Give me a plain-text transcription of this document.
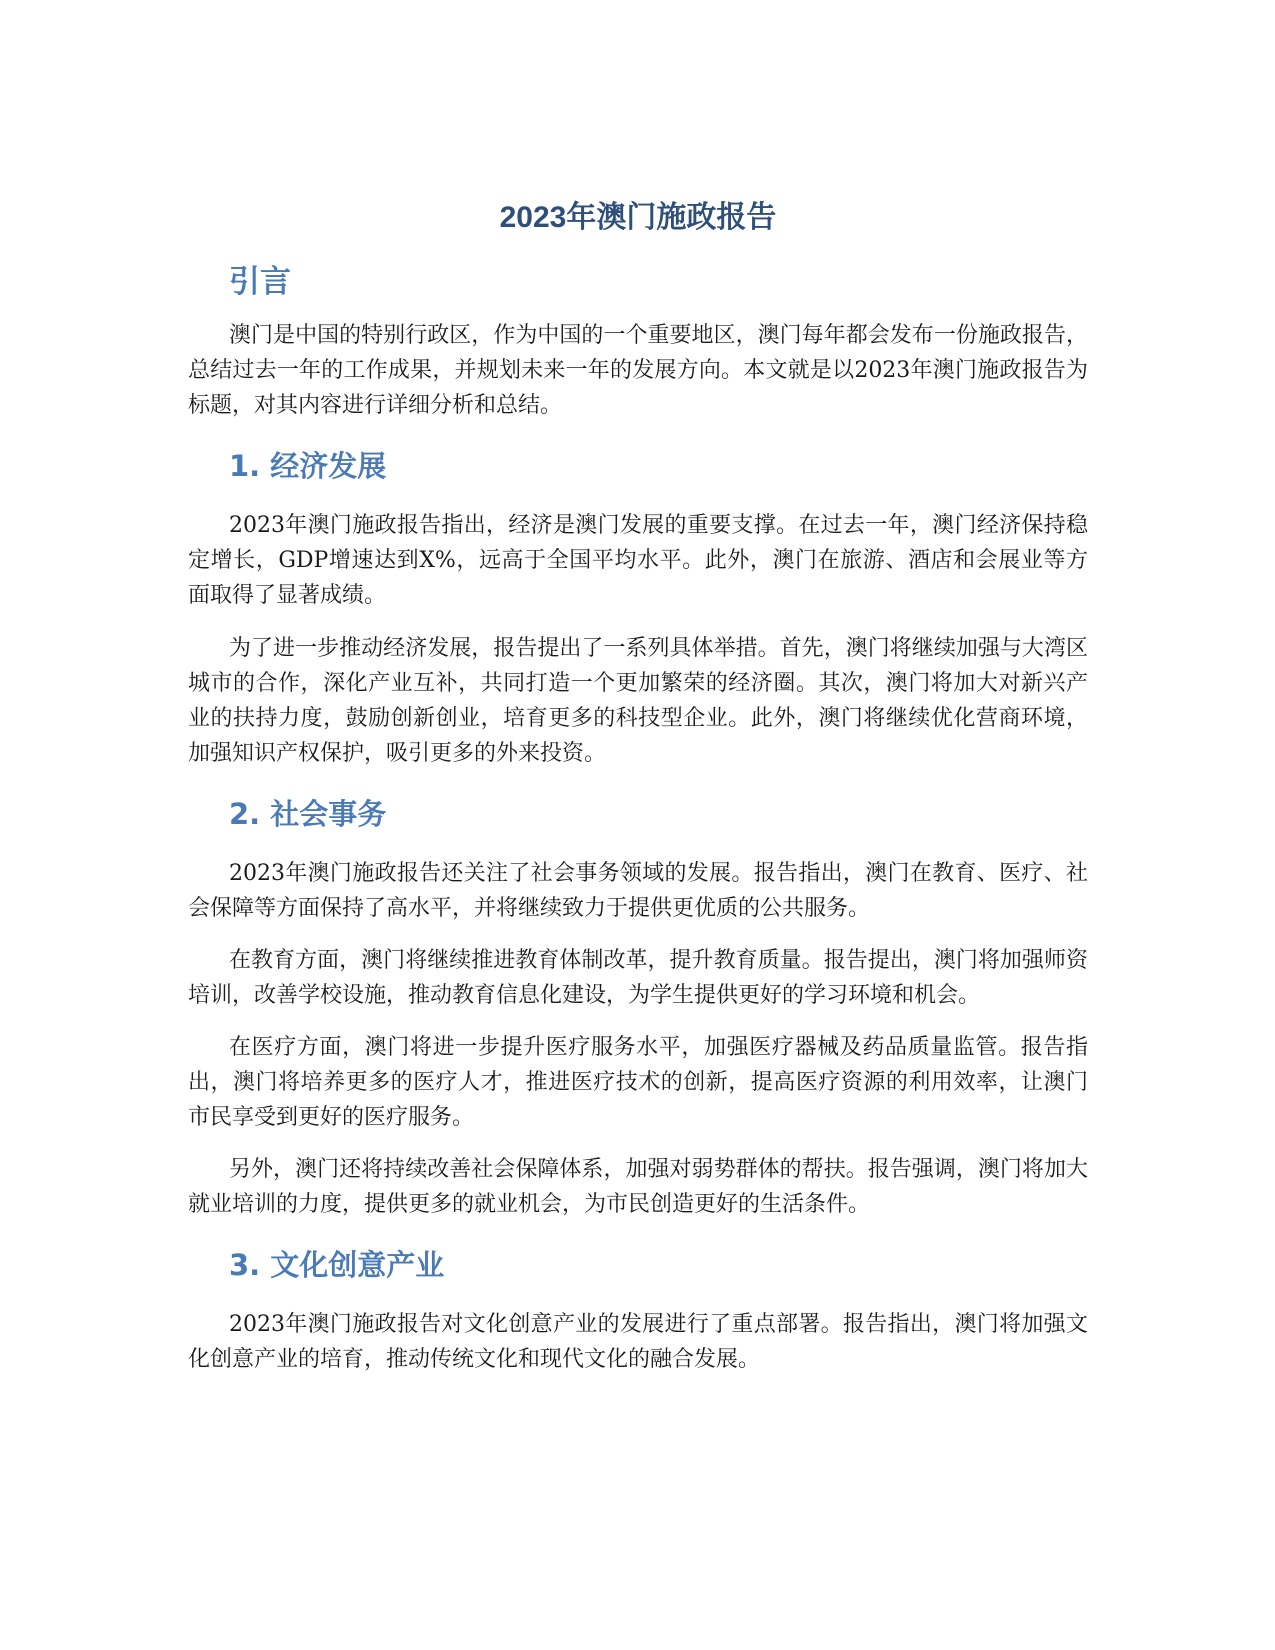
2023年澳门施政报告
引言

澳门是中国的特别行政区，作为中国的一个重要地区，澳门每年都会发布一份施政报告，总结过去一年的工作成果，并规划未来一年的发展方向。本文就是以2023年澳门施政报告为标题，对其内容进行详细分析和总结。

1. 经济发展

2023年澳门施政报告指出，经济是澳门发展的重要支撑。在过去一年，澳门经济保持稳定增长，GDP增速达到X%，远高于全国平均水平。此外，澳门在旅游、酒店和会展业等方面取得了显著成绩。

为了进一步推动经济发展，报告提出了一系列具体举措。首先，澳门将继续加强与大湾区城市的合作，深化产业互补，共同打造一个更加繁荣的经济圈。其次，澳门将加大对新兴产业的扶持力度，鼓励创新创业，培育更多的科技型企业。此外，澳门将继续优化营商环境，加强知识产权保护，吸引更多的外来投资。

2. 社会事务

2023年澳门施政报告还关注了社会事务领域的发展。报告指出，澳门在教育、医疗、社会保障等方面保持了高水平，并将继续致力于提供更优质的公共服务。

在教育方面，澳门将继续推进教育体制改革，提升教育质量。报告提出，澳门将加强师资培训，改善学校设施，推动教育信息化建设，为学生提供更好的学习环境和机会。

在医疗方面，澳门将进一步提升医疗服务水平，加强医疗器械及药品质量监管。报告指出，澳门将培养更多的医疗人才，推进医疗技术的创新，提高医疗资源的利用效率，让澳门市民享受到更好的医疗服务。

另外，澳门还将持续改善社会保障体系，加强对弱势群体的帮扶。报告强调，澳门将加大就业培训的力度，提供更多的就业机会，为市民创造更好的生活条件。

3. 文化创意产业

2023年澳门施政报告对文化创意产业的发展进行了重点部署。报告指出，澳门将加强文化创意产业的培育，推动传统文化和现代文化的融合发展。
